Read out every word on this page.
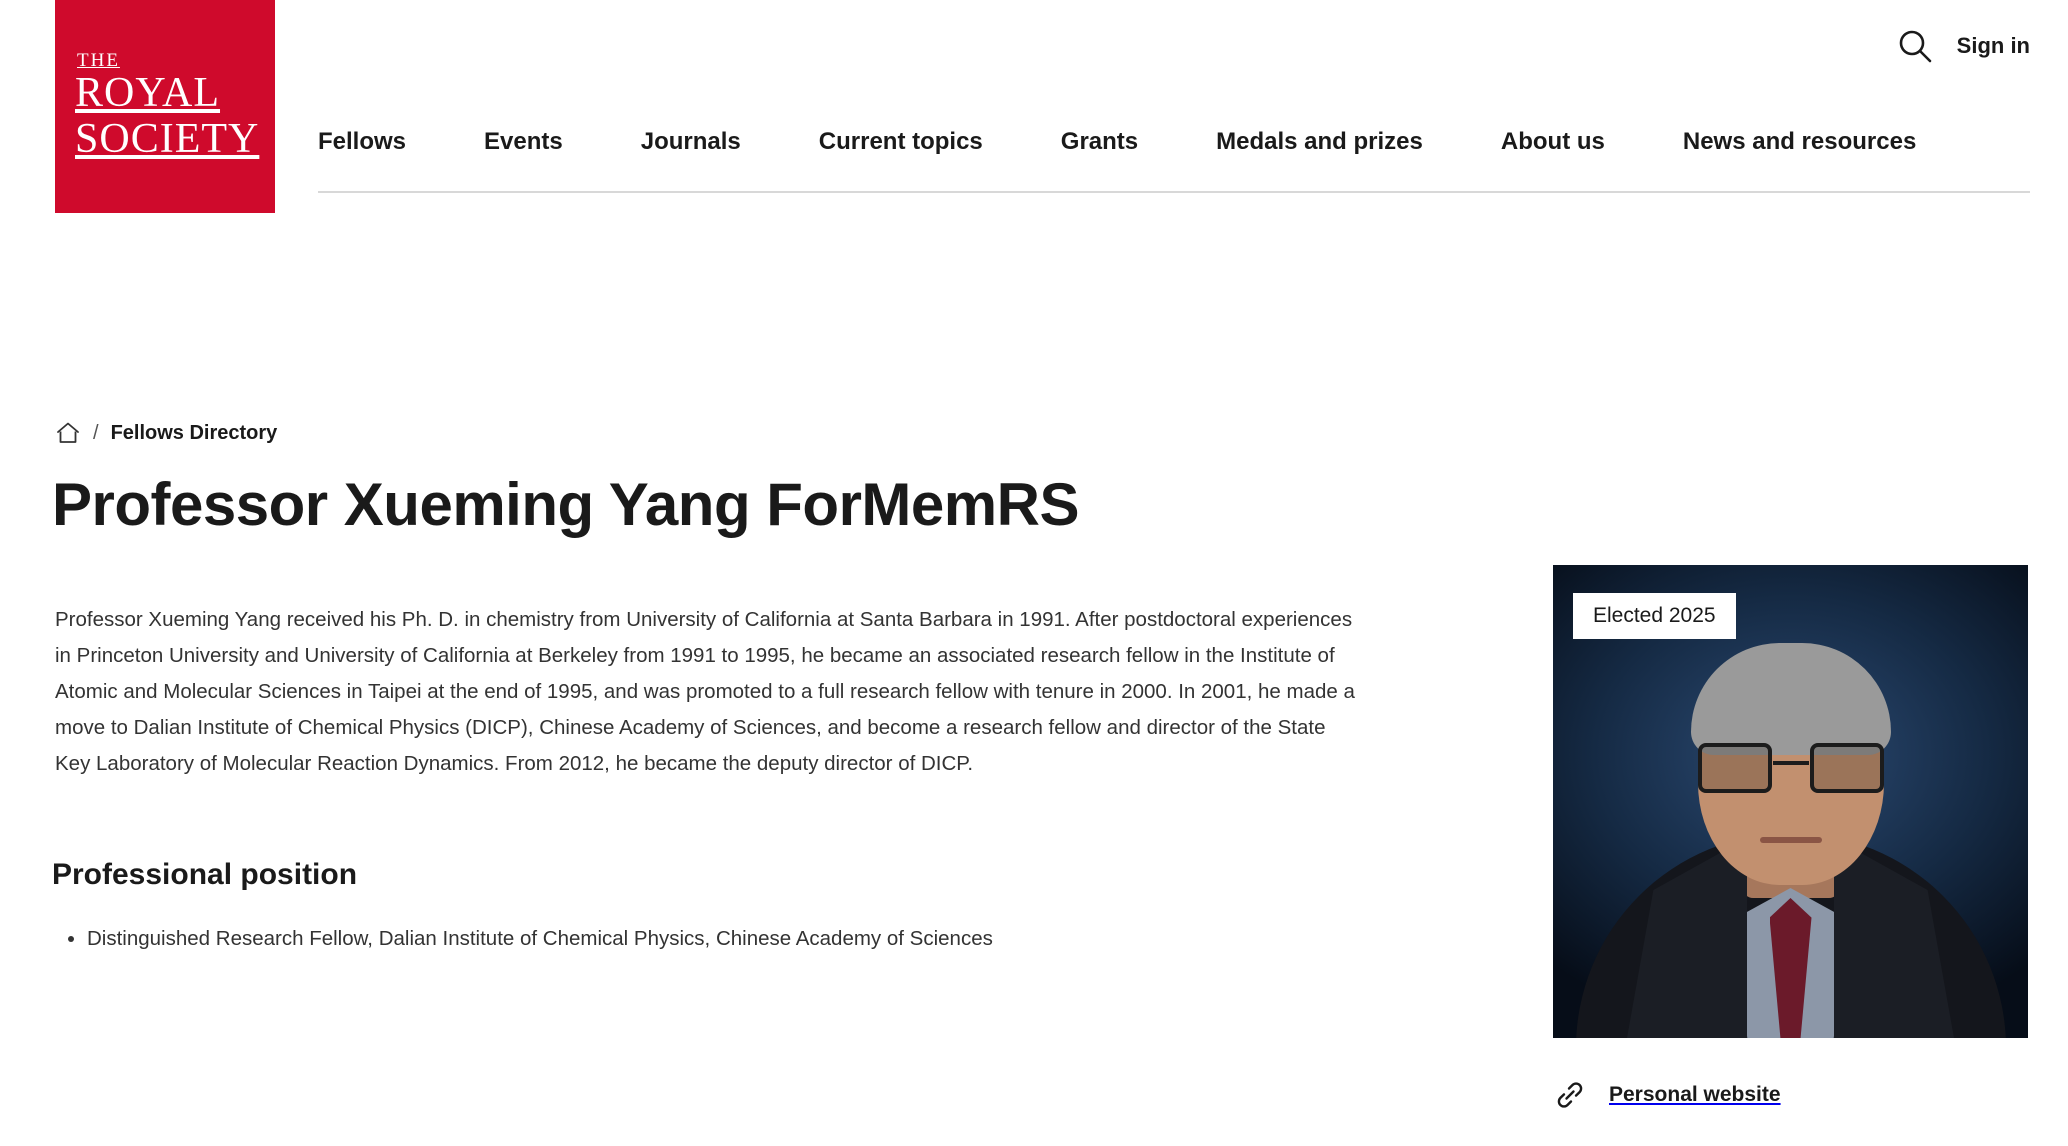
THE
ROYAL
SOCIETY
Sign in
Fellows	Events	Journals	Current topics	Grants	Medals and prizes	About us	News and resources
/ Fellows Directory
Professor Xueming Yang ForMemRS

Professor Xueming Yang received his Ph. D. in chemistry from University of California at Santa Barbara in 1991. After postdoctoral experiences in Princeton University and University of California at Berkeley from 1991 to 1995, he became an associated research fellow in the Institute of Atomic and Molecular Sciences in Taipei at the end of 1995, and was promoted to a full research fellow with tenure in 2000. In 2001, he made a move to Dalian Institute of Chemical Physics (DICP), Chinese Academy of Sciences, and become a research fellow and director of the State Key Laboratory of Molecular Reaction Dynamics. From 2012, he became the deputy director of DICP.

Professional position
• Distinguished Research Fellow, Dalian Institute of Chemical Physics, Chinese Academy of Sciences
Elected 2025
Personal website
